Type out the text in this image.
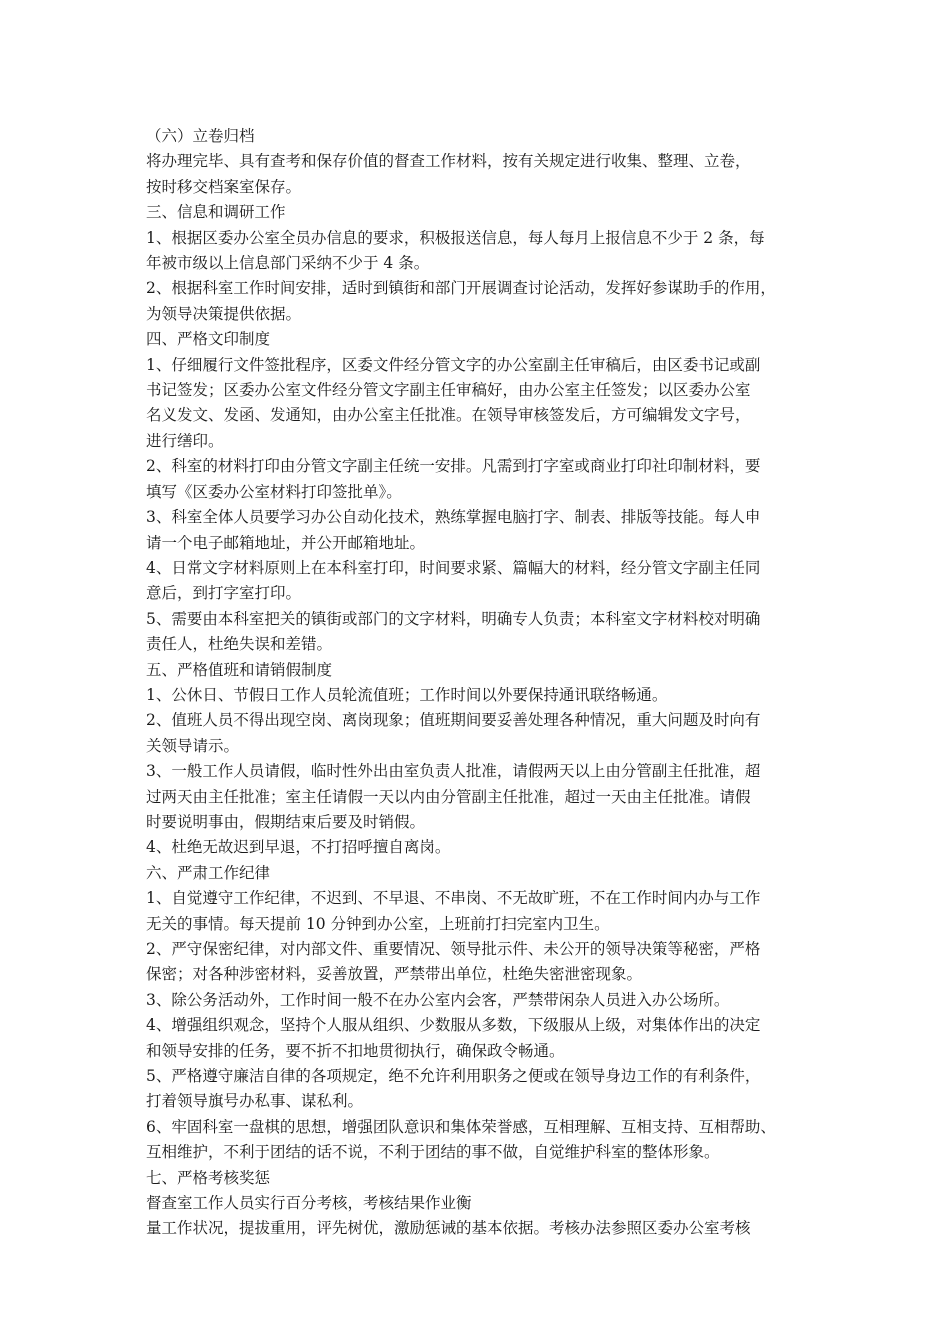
（六）立卷归档

将办理完毕、具有查考和保存价值的督查工作材料，按有关规定进行收集、整理、立卷，

按时移交档案室保存。

三、信息和调研工作

1、根据区委办公室全员办信息的要求，积极报送信息，每人每月上报信息不少于 2 条，每

年被市级以上信息部门采纳不少于 4 条。

2、根据科室工作时间安排，适时到镇街和部门开展调查讨论活动，发挥好参谋助手的作用，

为领导决策提供依据。

四、严格文印制度

1、仔细履行文件签批程序，区委文件经分管文字的办公室副主任审稿后，由区委书记或副

书记签发；区委办公室文件经分管文字副主任审稿好，由办公室主任签发；以区委办公室

名义发文、发函、发通知，由办公室主任批准。在领导审核签发后，方可编辑发文字号，

进行缮印。

2、科室的材料打印由分管文字副主任统一安排。凡需到打字室或商业打印社印制材料，要

填写《区委办公室材料打印签批单》。

3、科室全体人员要学习办公自动化技术，熟练掌握电脑打字、制表、排版等技能。每人申

请一个电子邮箱地址，并公开邮箱地址。

4、日常文字材料原则上在本科室打印，时间要求紧、篇幅大的材料，经分管文字副主任同

意后，到打字室打印。

5、需要由本科室把关的镇街或部门的文字材料，明确专人负责；本科室文字材料校对明确

责任人，杜绝失误和差错。

五、严格值班和请销假制度

1、公休日、节假日工作人员轮流值班；工作时间以外要保持通讯联络畅通。

2、值班人员不得出现空岗、离岗现象；值班期间要妥善处理各种情况，重大问题及时向有

关领导请示。

3、一般工作人员请假，临时性外出由室负责人批准，请假两天以上由分管副主任批准，超

过两天由主任批准；室主任请假一天以内由分管副主任批准，超过一天由主任批准。请假

时要说明事由，假期结束后要及时销假。

4、杜绝无故迟到早退，不打招呼擅自离岗。

六、严肃工作纪律

1、自觉遵守工作纪律，不迟到、不早退、不串岗、不无故旷班，不在工作时间内办与工作

无关的事情。每天提前 10 分钟到办公室，上班前打扫完室内卫生。

2、严守保密纪律，对内部文件、重要情况、领导批示件、未公开的领导决策等秘密，严格

保密；对各种涉密材料，妥善放置，严禁带出单位，杜绝失密泄密现象。

3、除公务活动外，工作时间一般不在办公室内会客，严禁带闲杂人员进入办公场所。

4、增强组织观念，坚持个人服从组织、少数服从多数，下级服从上级，对集体作出的决定

和领导安排的任务，要不折不扣地贯彻执行，确保政令畅通。

5、严格遵守廉洁自律的各项规定，绝不允许利用职务之便或在领导身边工作的有利条件，

打着领导旗号办私事、谋私利。

6、牢固科室一盘棋的思想，增强团队意识和集体荣誉感，互相理解、互相支持、互相帮助、

互相维护，不利于团结的话不说，不利于团结的事不做，自觉维护科室的整体形象。

七、严格考核奖惩

督查室工作人员实行百分考核，考核结果作业衡

量工作状况，提拔重用，评先树优，激励惩诫的基本依据。考核办法参照区委办公室考核
